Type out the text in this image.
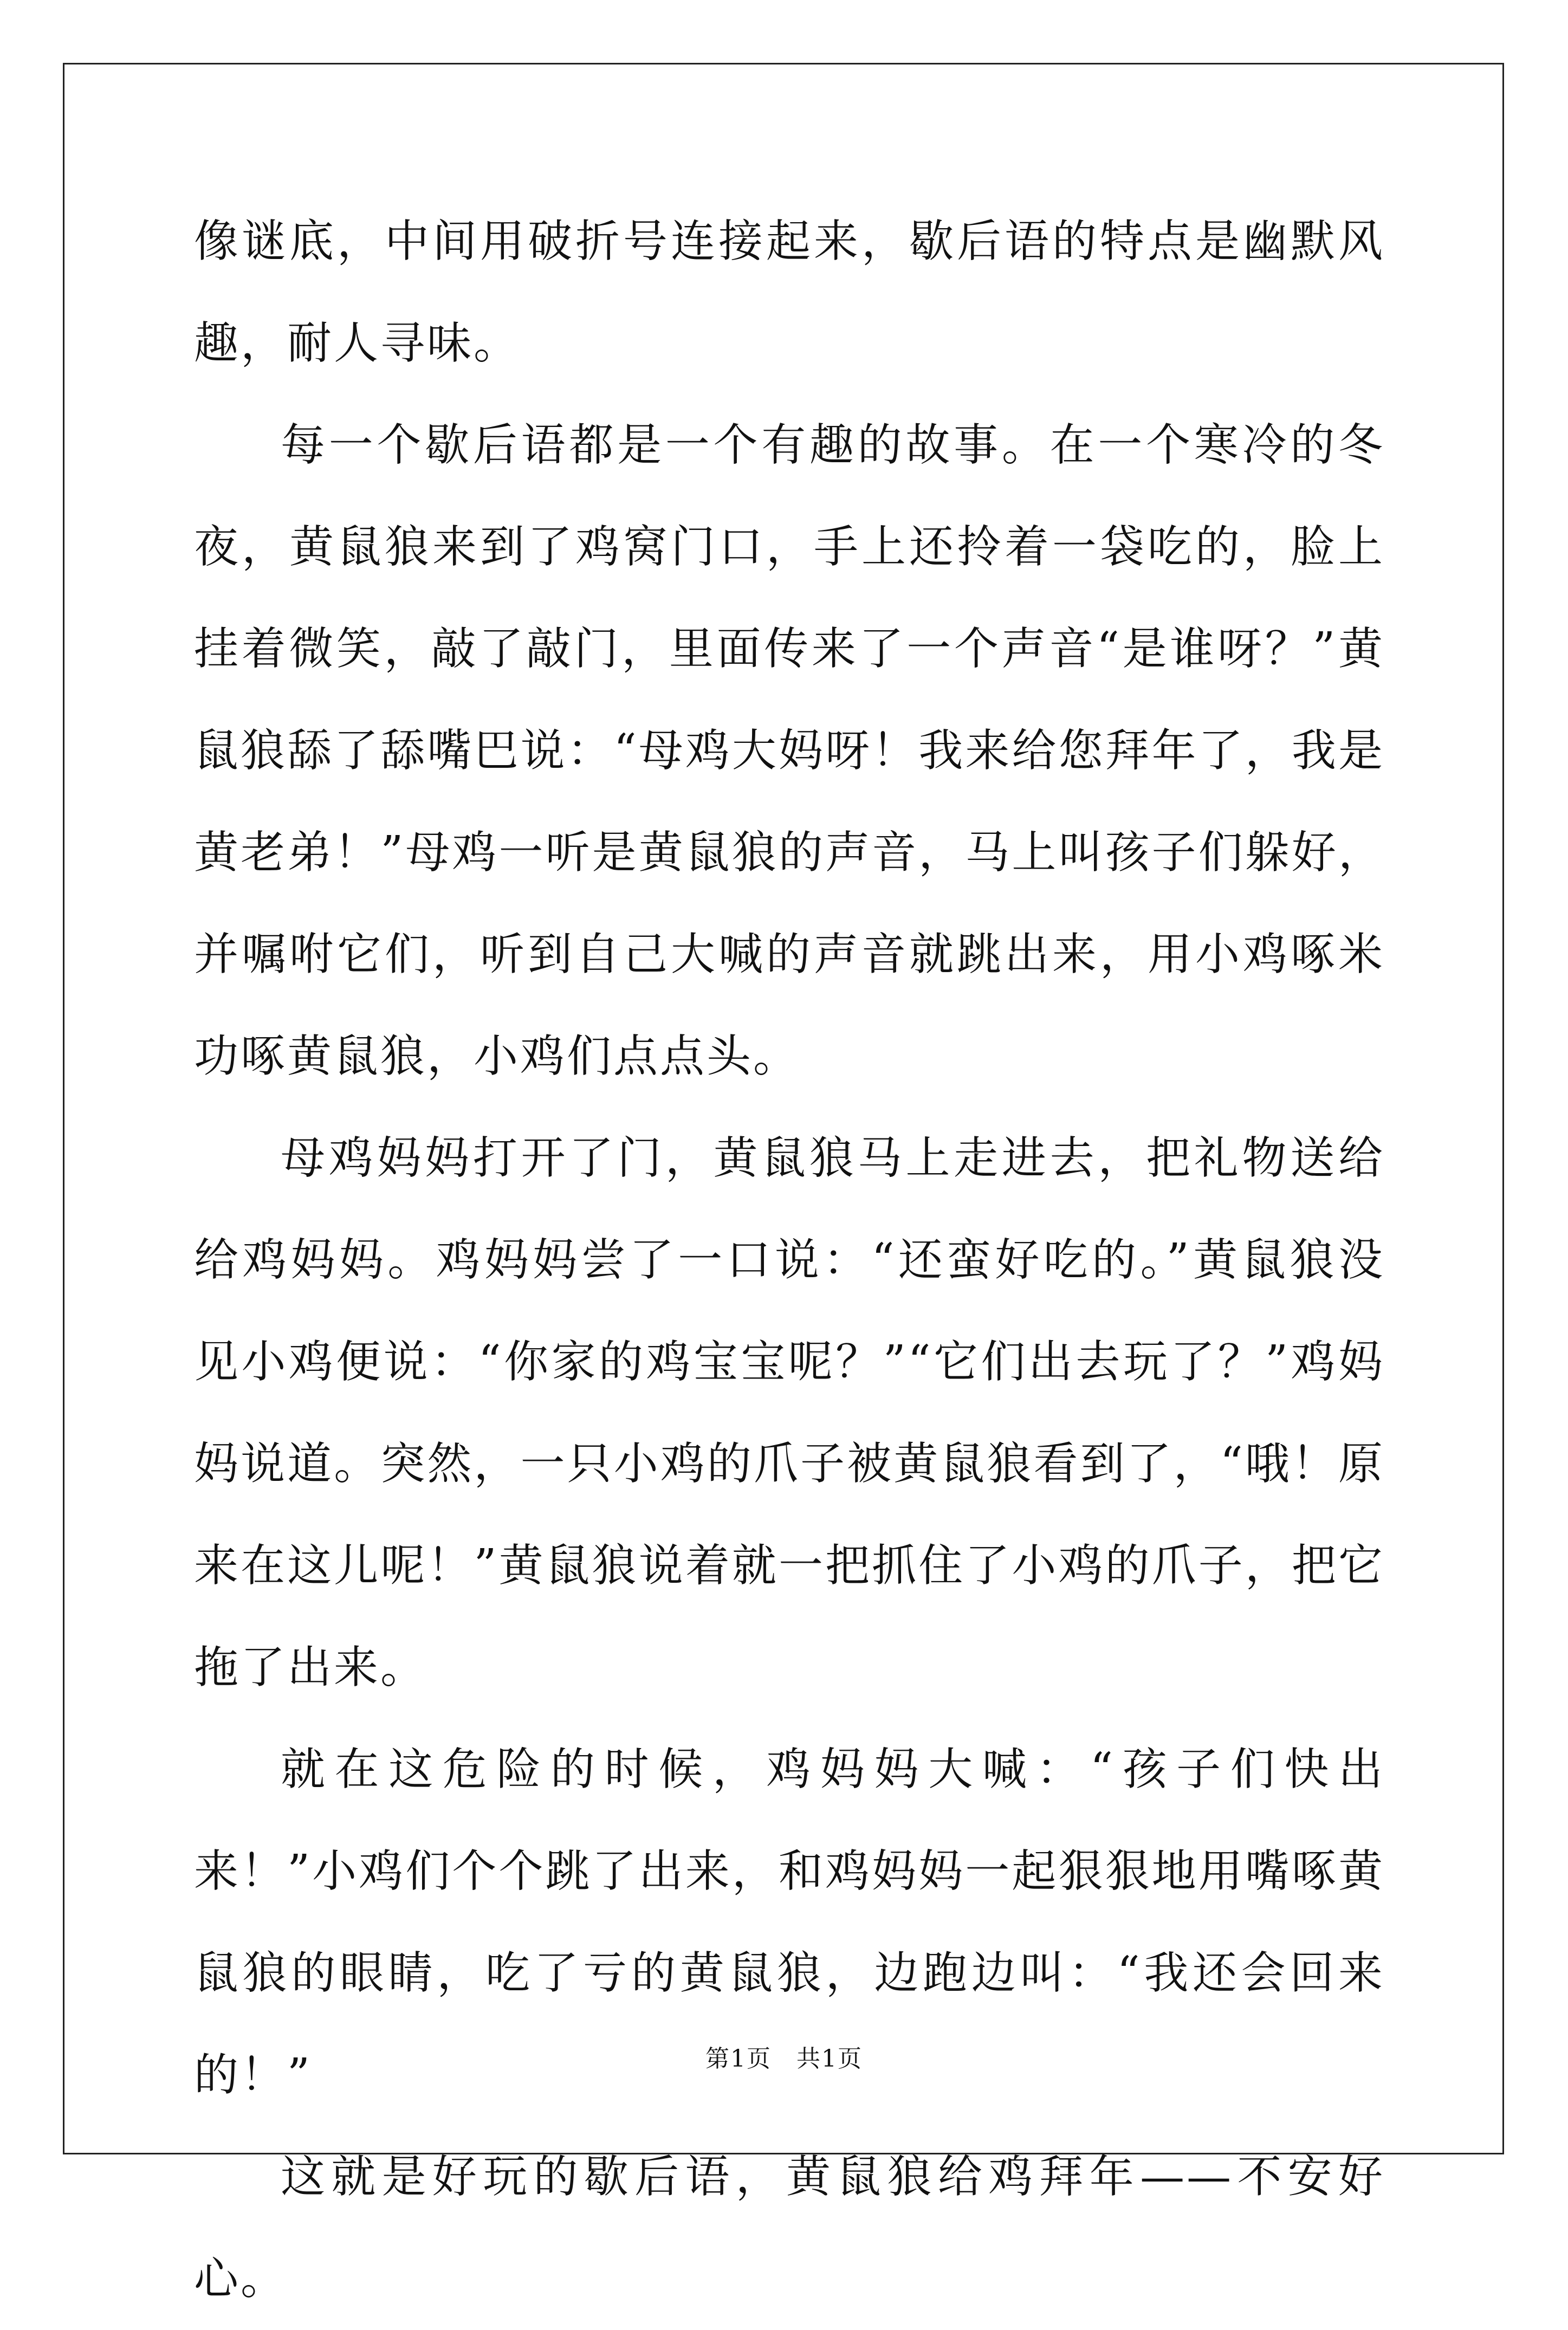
像谜底，中间用破折号连接起来，歇后语的特点是幽默风趣，耐人寻味。

每一个歇后语都是一个有趣的故事。在一个寒冷的冬夜，黄鼠狼来到了鸡窝门口，手上还拎着一袋吃的，脸上挂着微笑，敲了敲门，里面传来了一个声音“是谁呀？”黄鼠狼舔了舔嘴巴说：“母鸡大妈呀！我来给您拜年了，我是黄老弟！”母鸡一听是黄鼠狼的声音，马上叫孩子们躲好，并嘱咐它们，听到自己大喊的声音就跳出来，用小鸡啄米功啄黄鼠狼，小鸡们点点头。

母鸡妈妈打开了门，黄鼠狼马上走进去，把礼物送给给鸡妈妈。鸡妈妈尝了一口说：“还蛮好吃的。”黄鼠狼没见小鸡便说：“你家的鸡宝宝呢？”“它们出去玩了？”鸡妈妈说道。突然，一只小鸡的爪子被黄鼠狼看到了，“哦！原来在这儿呢！”黄鼠狼说着就一把抓住了小鸡的爪子，把它拖了出来。

就在这危险的时候，鸡妈妈大喊：“孩子们快出来！”小鸡们个个跳了出来，和鸡妈妈一起狠狠地用嘴啄黄鼠狼的眼睛，吃了亏的黄鼠狼，边跑边叫：“我还会回来的！”

这就是好玩的歇后语，黄鼠狼给鸡拜年——不安好心。

第1页　共1页
